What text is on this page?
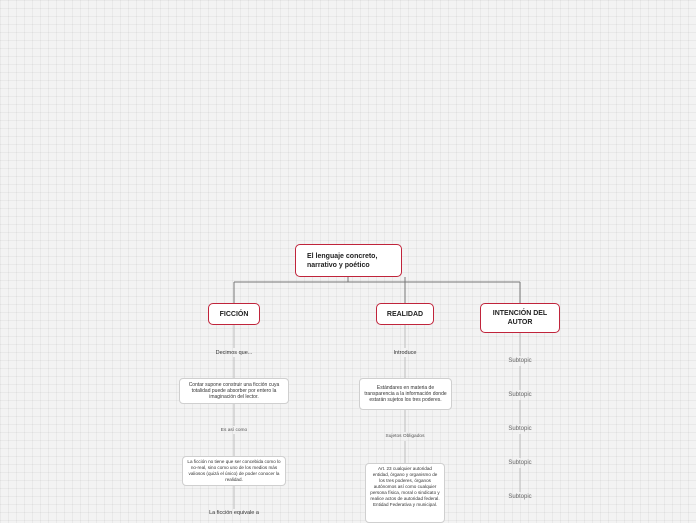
El lenguaje concreto, narrativo y poético
FICCIÓN
Decimos que...
Contar supone construir una ficción cuya totalidad puede absorber por entero la imaginación del lector.
Es así como
La ficción no tiene que ser concebida como lo no-real, sino como uno de los medios más valiosos (quizá el único) de poder conocer la realidad.
La ficción equivale a
REALIDAD
Introduce
Estándares en materia de transparencia a la información donde estarán sujetos los tres poderes.
Sujetos Obligados
Art. 23 cualquier autoridad entidad, órgano y organismo de los tres poderes, órganos autónomos así como cualquier persona física, moral o sindicato y realice actos de autoridad federal. Entidad Federativa y municipal.
INTENCIÓN DEL AUTOR
Subtopic
Subtopic
Subtopic
Subtopic
Subtopic
